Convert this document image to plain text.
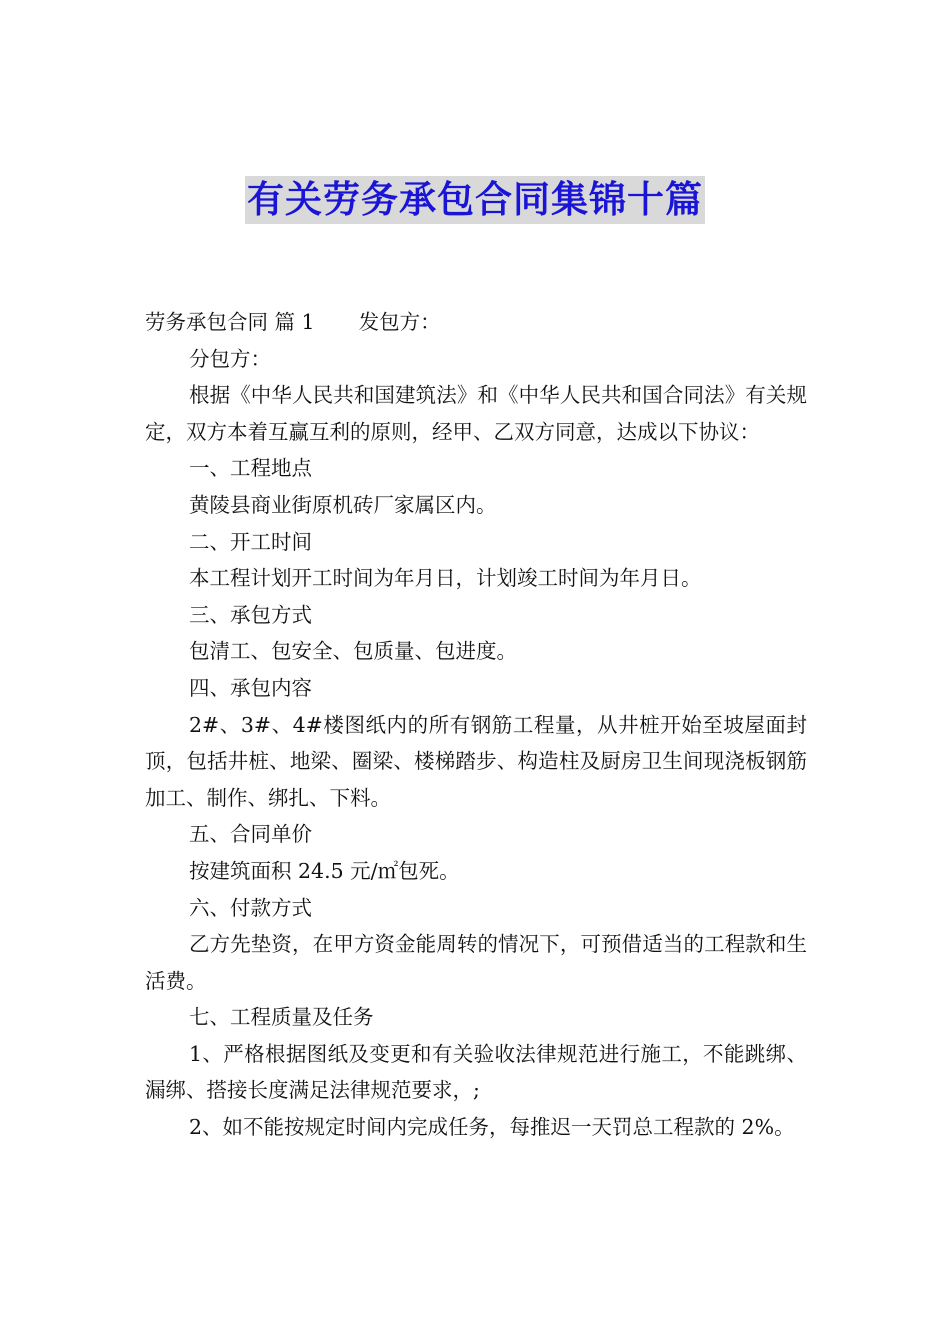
有关劳务承包合同集锦十篇

劳务承包合同 篇 1 发包方：

分包方：

根据《中华人民共和国建筑法》和《中华人民共和国合同法》有关规定，双方本着互赢互利的原则，经甲、乙双方同意，达成以下协议：

一、工程地点

黄陵县商业街原机砖厂家属区内。

二、开工时间

本工程计划开工时间为年月日，计划竣工时间为年月日。

三、承包方式

包清工、包安全、包质量、包进度。

四、承包内容

2#、3#、4#楼图纸内的所有钢筋工程量，从井桩开始至坡屋面封顶，包括井桩、地梁、圈梁、楼梯踏步、构造柱及厨房卫生间现浇板钢筋加工、制作、绑扎、下料。

五、合同单价

按建筑面积 24.5 元/㎡包死。

六、付款方式

乙方先垫资，在甲方资金能周转的情况下，可预借适当的工程款和生活费。

七、工程质量及任务

1、严格根据图纸及变更和有关验收法律规范进行施工，不能跳绑、漏绑、搭接长度满足法律规范要求，;

2、如不能按规定时间内完成任务，每推迟一天罚总工程款的 2%。
